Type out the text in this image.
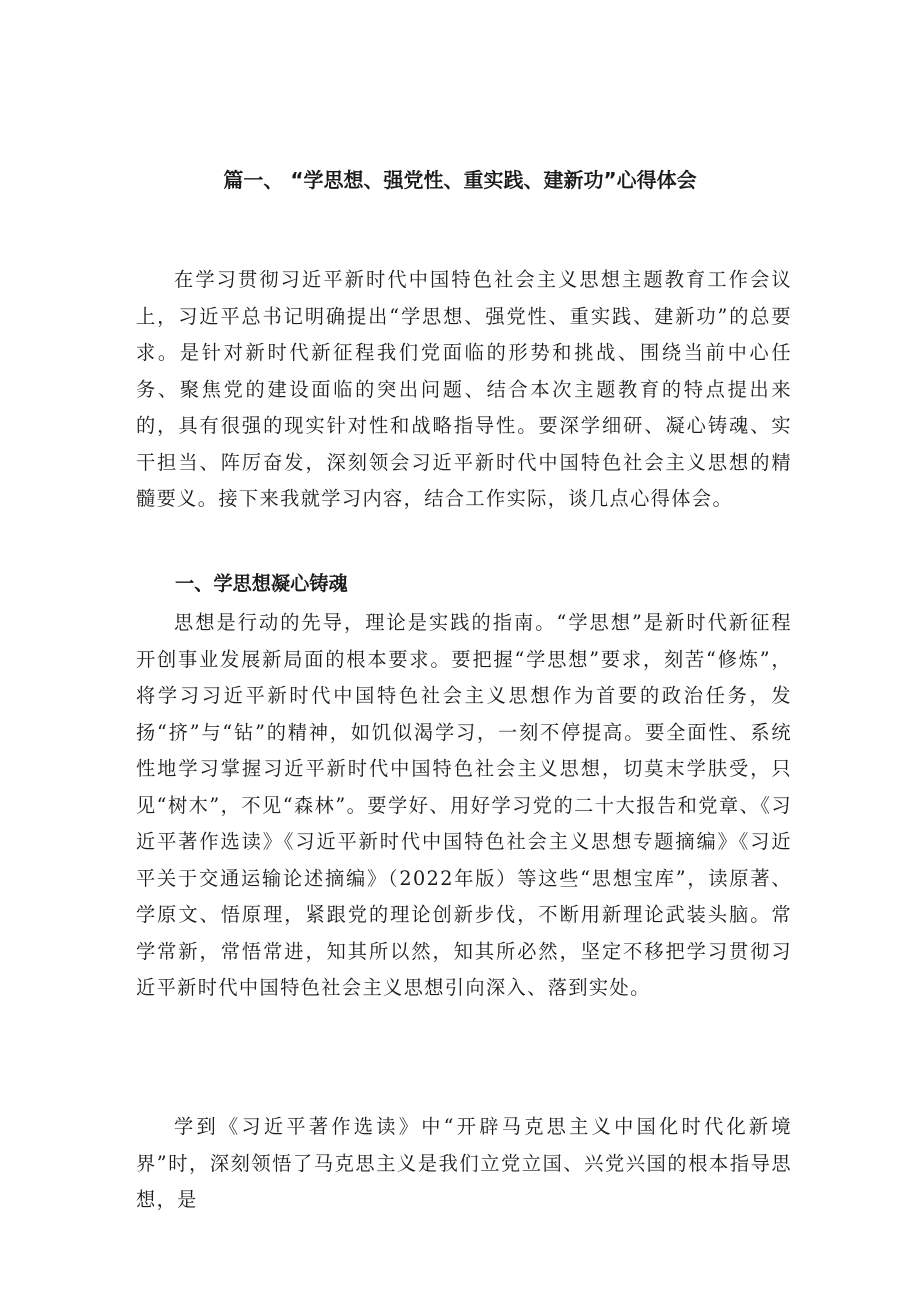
篇一、 “学思想、强党性、重实践、建新功”心得体会

在学习贯彻习近平新时代中国特色社会主义思想主题教育工作会议上，习近平总书记明确提出“学思想、强党性、重实践、建新功”的总要求。是针对新时代新征程我们党面临的形势和挑战、围绕当前中心任务、聚焦党的建设面临的突出问题、结合本次主题教育的特点提出来的，具有很强的现实针对性和战略指导性。要深学细研、凝心铸魂、实干担当、阵厉奋发，深刻领会习近平新时代中国特色社会主义思想的精髓要义。接下来我就学习内容，结合工作实际，谈几点心得体会。

一、学思想凝心铸魂

思想是行动的先导，理论是实践的指南。“学思想”是新时代新征程开创事业发展新局面的根本要求。要把握“学思想”要求，刻苦“修炼”，将学习习近平新时代中国特色社会主义思想作为首要的政治任务，发扬“挤”与“钻”的精神，如饥似渴学习，一刻不停提高。要全面性、系统性地学习掌握习近平新时代中国特色社会主义思想，切莫末学肤受，只见“树木”，不见“森林”。要学好、用好学习党的二十大报告和党章、《习近平著作选读》《习近平新时代中国特色社会主义思想专题摘编》《习近平关于交通运输论述摘编》（2022年版）等这些“思想宝库”，读原著、学原文、悟原理，紧跟党的理论创新步伐，不断用新理论武装头脑。常学常新，常悟常进，知其所以然，知其所必然，坚定不移把学习贯彻习近平新时代中国特色社会主义思想引向深入、落到实处。

学到《习近平著作选读》中“开辟马克思主义中国化时代化新境界”时，深刻领悟了马克思主义是我们立党立国、兴党兴国的根本指导思想，是
